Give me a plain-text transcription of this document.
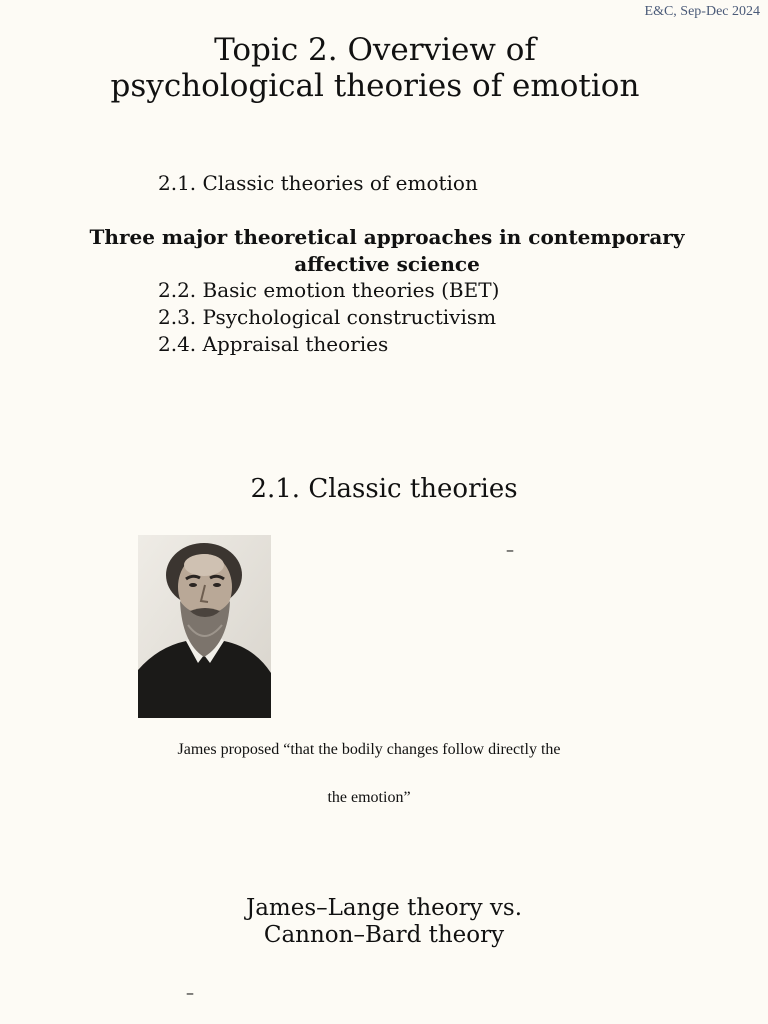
E&C, Sep-Dec 2024
Topic 2. Overview of
psychological theories of emotion
2.1. Classic theories of emotion
Three major theoretical approaches in contemporary
affective science
2.2. Basic emotion theories (BET)
2.3. Psychological constructivism
2.4. Appraisal theories
2.1. Classic theories
–
James proposed “that the bodily changes follow directly the
the emotion”
James–Lange theory vs.
Cannon–Bard theory
–
